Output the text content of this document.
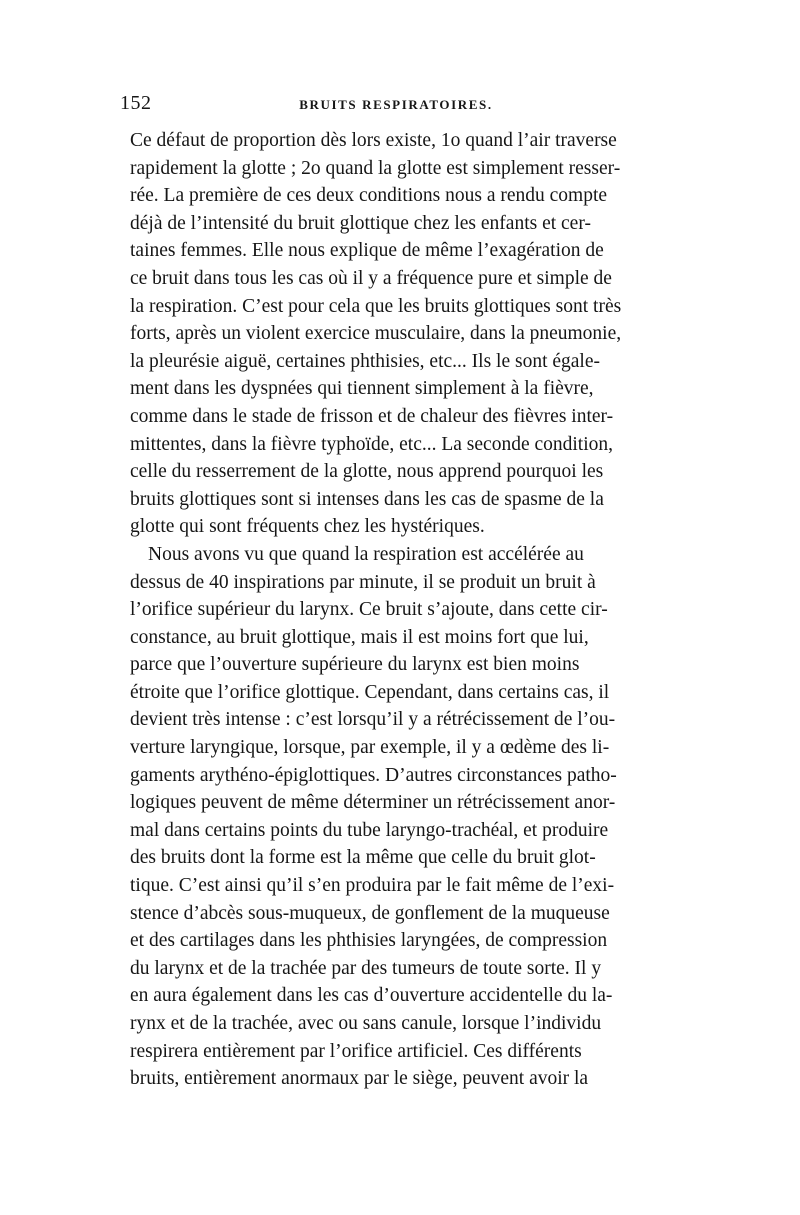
152	BRUITS RESPIRATOIRES.
Ce défaut de proportion dès lors existe, 1o quand l’air traverse
rapidement la glotte ; 2o quand la glotte est simplement resser-
rée. La première de ces deux conditions nous a rendu compte
déjà de l’intensité du bruit glottique chez les enfants et cer-
taines femmes. Elle nous explique de même l’exagération de
ce bruit dans tous les cas où il y a fréquence pure et simple de
la respiration. C’est pour cela que les bruits glottiques sont très
forts, après un violent exercice musculaire, dans la pneumonie,
la pleurésie aiguë, certaines phthisies, etc... Ils le sont égale-
ment dans les dyspnées qui tiennent simplement à la fièvre,
comme dans le stade de frisson et de chaleur des fièvres inter-
mittentes, dans la fièvre typhoïde, etc... La seconde condition,
celle du resserrement de la glotte, nous apprend pourquoi les
bruits glottiques sont si intenses dans les cas de spasme de la
glotte qui sont fréquents chez les hystériques.
Nous avons vu que quand la respiration est accélérée au
dessus de 40 inspirations par minute, il se produit un bruit à
l’orifice supérieur du larynx. Ce bruit s’ajoute, dans cette cir-
constance, au bruit glottique, mais il est moins fort que lui,
parce que l’ouverture supérieure du larynx est bien moins
étroite que l’orifice glottique. Cependant, dans certains cas, il
devient très intense : c’est lorsqu’il y a rétrécissement de l’ou-
verture laryngique, lorsque, par exemple, il y a œdème des li-
gaments arythéno-épiglottiques. D’autres circonstances patho-
logiques peuvent de même déterminer un rétrécissement anor-
mal dans certains points du tube laryngo-trachéal, et produire
des bruits dont la forme est la même que celle du bruit glot-
tique. C’est ainsi qu’il s’en produira par le fait même de l’exi-
stence d’abcès sous-muqueux, de gonflement de la muqueuse
et des cartilages dans les phthisies laryngées, de compression
du larynx et de la trachée par des tumeurs de toute sorte. Il y
en aura également dans les cas d’ouverture accidentelle du la-
rynx et de la trachée, avec ou sans canule, lorsque l’individu
respirera entièrement par l’orifice artificiel. Ces différents
bruits, entièrement anormaux par le siège, peuvent avoir la
